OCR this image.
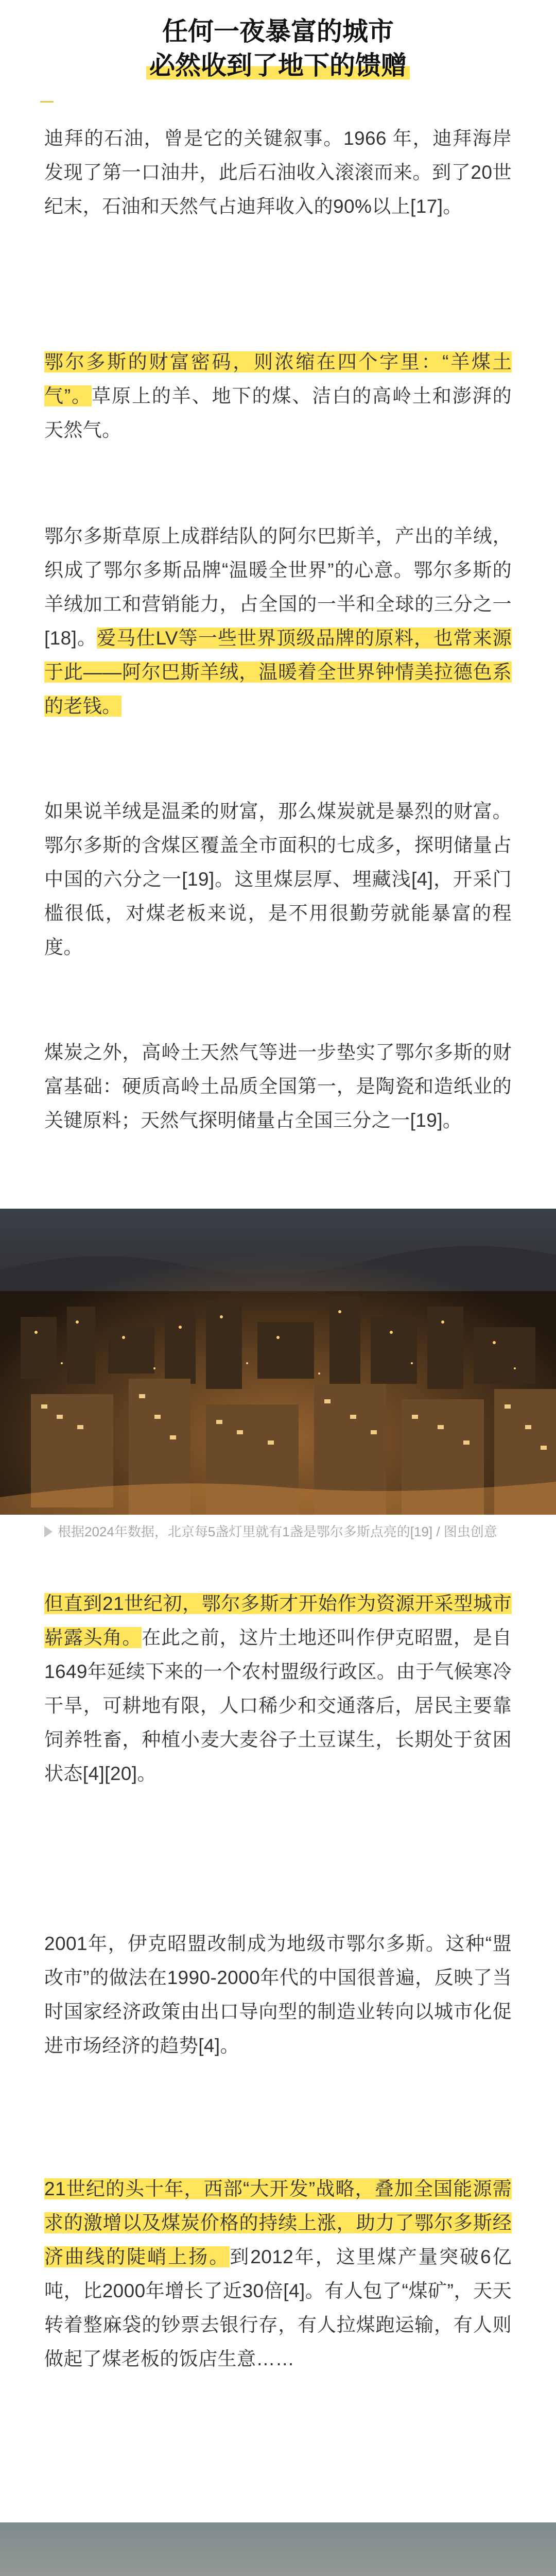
任何一夜暴富的城市
必然收到了地下的馈赠

迪拜的石油，曾是它的关键叙事。1966 年，迪拜海岸发现了第一口油井，此后石油收入滚滚而来。到了20世纪末，石油和天然气占迪拜收入的90%以上[17]。

鄂尔多斯的财富密码，则浓缩在四个字里：“羊煤土气”。草原上的羊、地下的煤、洁白的高岭土和澎湃的天然气。

鄂尔多斯草原上成群结队的阿尔巴斯羊，产出的羊绒，织成了鄂尔多斯品牌“温暖全世界”的心意。鄂尔多斯的羊绒加工和营销能力，占全国的一半和全球的三分之一[18]。爱马仕LV等一些世界顶级品牌的原料，也常来源于此——阿尔巴斯羊绒，温暖着全世界钟情美拉德色系的老钱。

如果说羊绒是温柔的财富，那么煤炭就是暴烈的财富。鄂尔多斯的含煤区覆盖全市面积的七成多，探明储量占中国的六分之一[19]。这里煤层厚、埋藏浅[4]，开采门槛很低，对煤老板来说，是不用很勤劳就能暴富的程度。

煤炭之外，高岭土天然气等进一步垫实了鄂尔多斯的财富基础：硬质高岭土品质全国第一，是陶瓷和造纸业的关键原料；天然气探明储量占全国三分之一[19]。

根据2024年数据，北京每5盏灯里就有1盏是鄂尔多斯点亮的[19] / 图虫创意

但直到21世纪初，鄂尔多斯才开始作为资源开采型城市崭露头角。在此之前，这片土地还叫作伊克昭盟，是自1649年延续下来的一个农村盟级行政区。由于气候寒冷干旱，可耕地有限，人口稀少和交通落后，居民主要靠饲养牲畜，种植小麦大麦谷子土豆谋生，长期处于贫困状态[4][20]。

2001年，伊克昭盟改制成为地级市鄂尔多斯。这种“盟改市”的做法在1990-2000年代的中国很普遍，反映了当时国家经济政策由出口导向型的制造业转向以城市化促进市场经济的趋势[4]。

21世纪的头十年，西部“大开发”战略，叠加全国能源需求的激增以及煤炭价格的持续上涨，助力了鄂尔多斯经济曲线的陡峭上扬。到2012年，这里煤产量突破6亿吨，比2000年增长了近30倍[4]。有人包了“煤矿”，天天转着整麻袋的钞票去银行存，有人拉煤跑运输，有人则做起了煤老板的饭店生意……
